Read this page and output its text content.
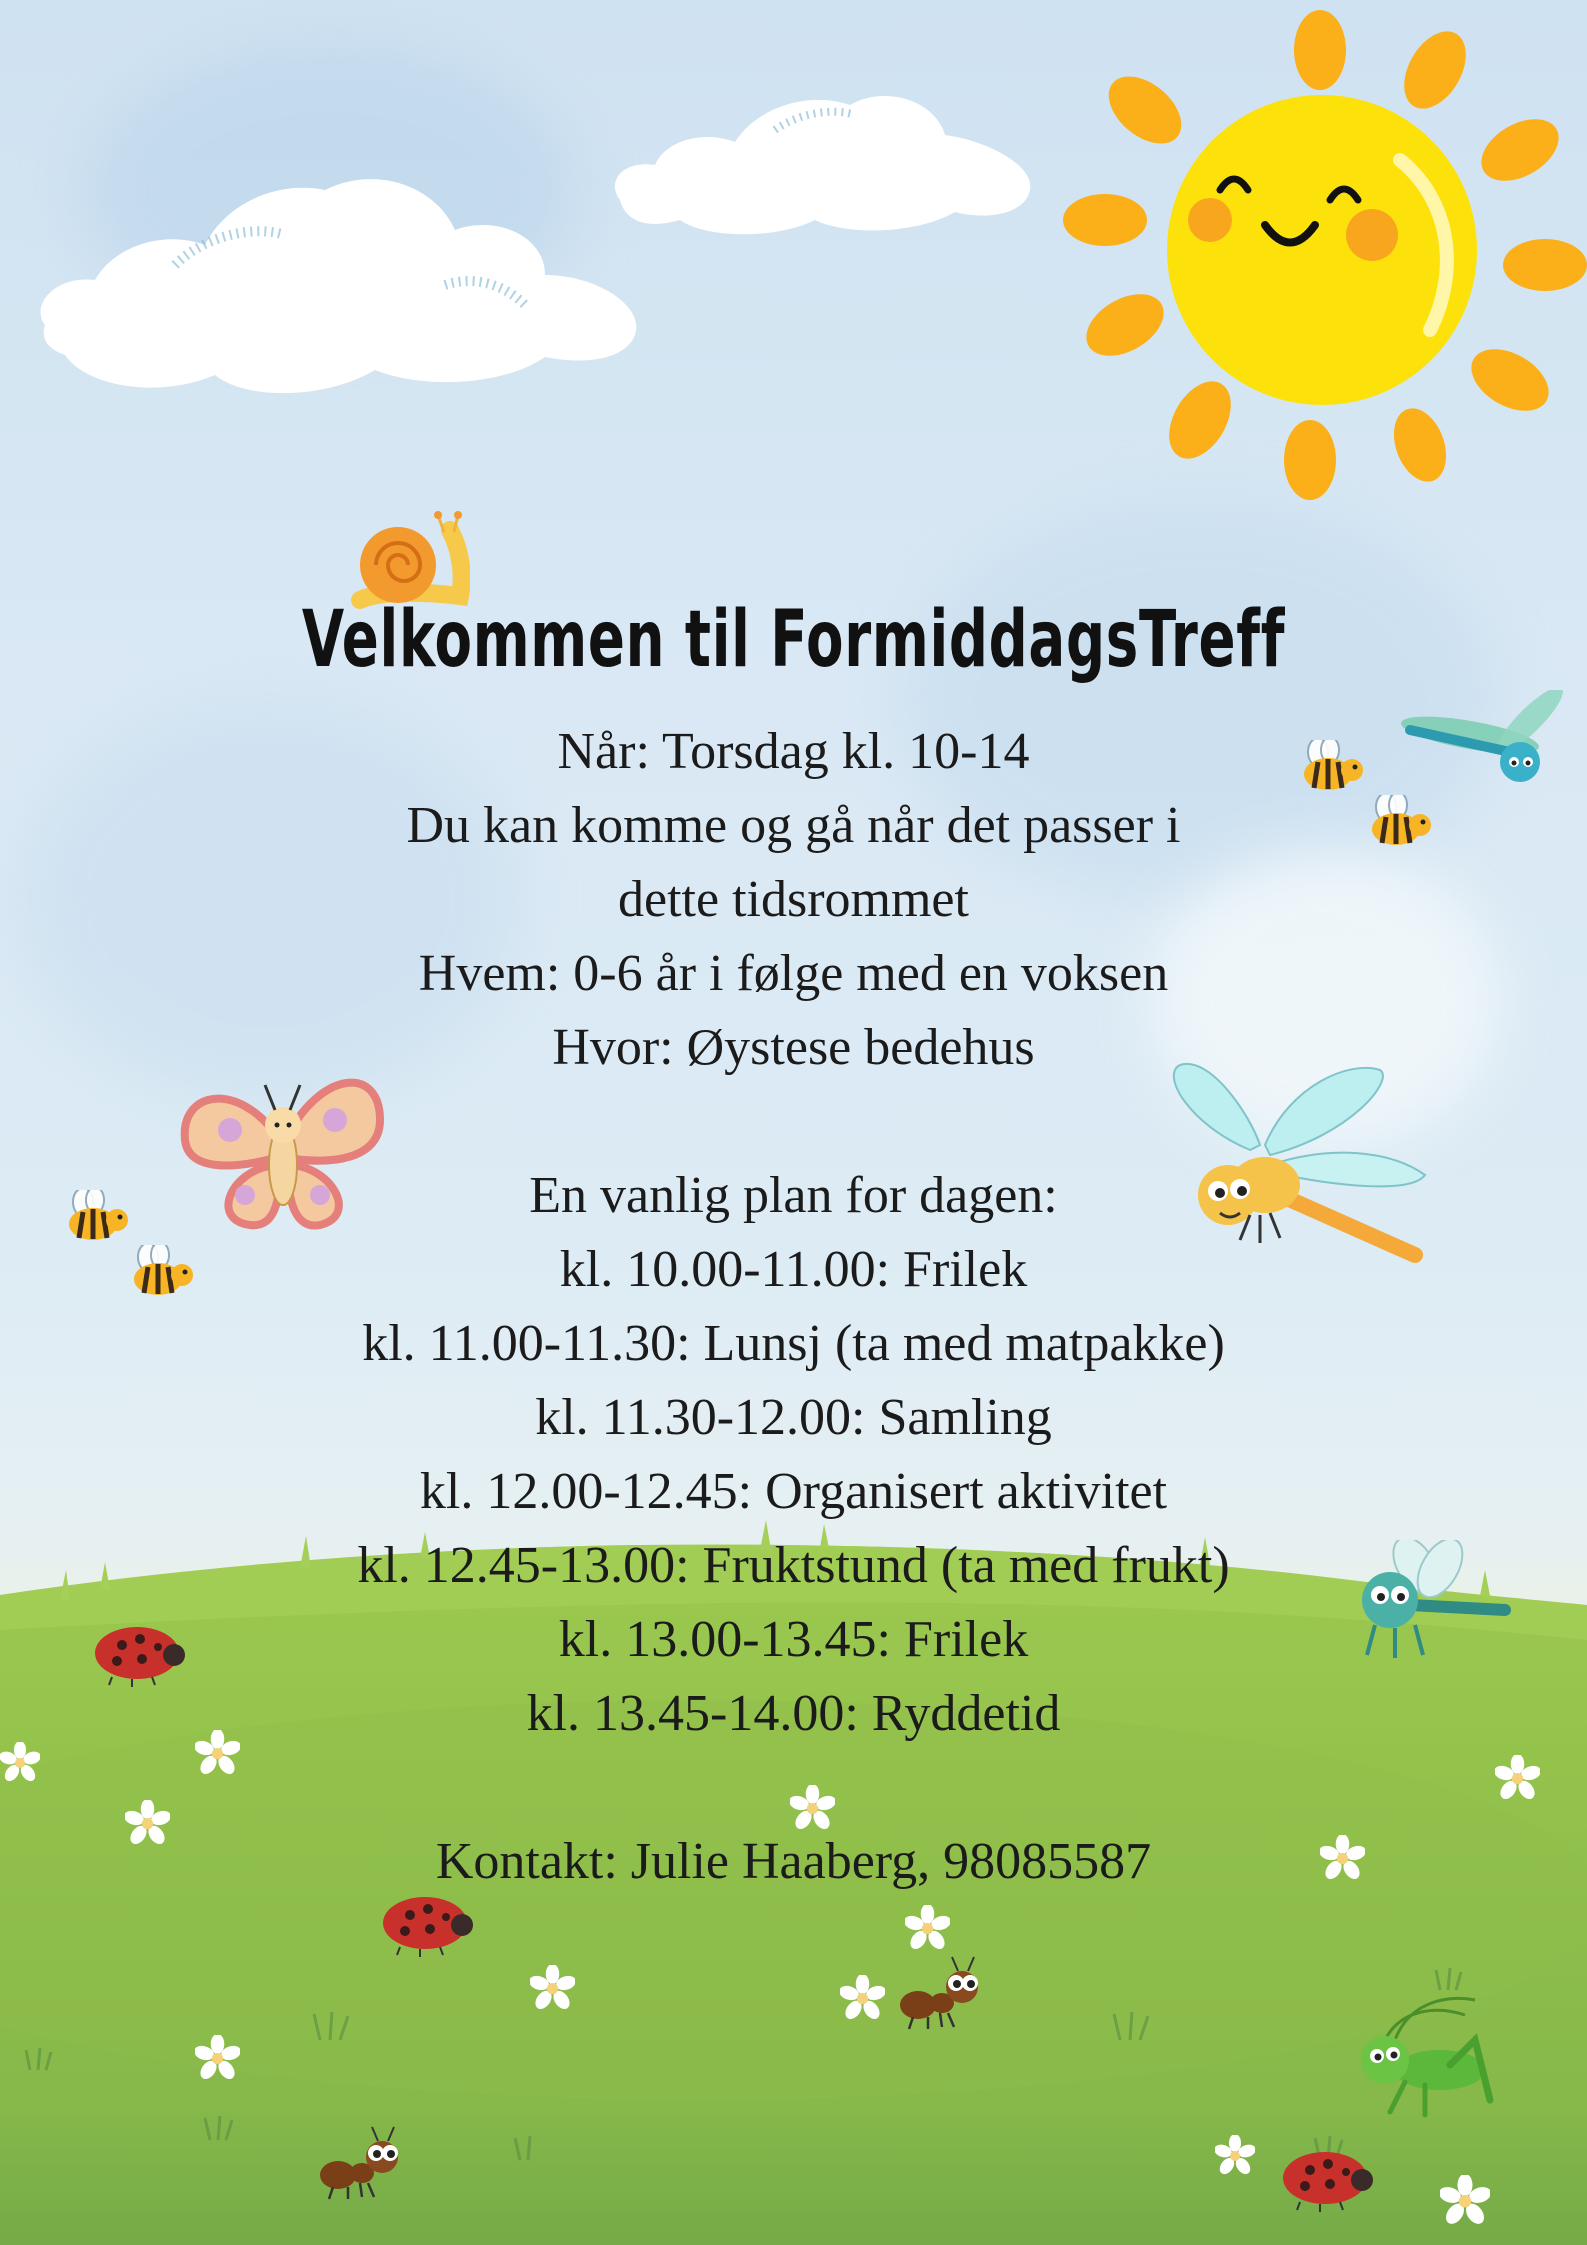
Velkommen til FormiddagsTreff
Når: Torsdag kl. 10-14
Du kan komme og gå når det passer i
dette tidsrommet
Hvem: 0-6 år i følge med en voksen
Hvor: Øystese bedehus
En vanlig plan for dagen:
kl. 10.00-11.00: Frilek
kl. 11.00-11.30: Lunsj (ta med matpakke)
kl. 11.30-12.00: Samling
kl. 12.00-12.45: Organisert aktivitet
kl. 12.45-13.00: Fruktstund (ta med frukt)
kl. 13.00-13.45: Frilek
kl. 13.45-14.00: Ryddetid
Kontakt: Julie Haaberg, 98085587
